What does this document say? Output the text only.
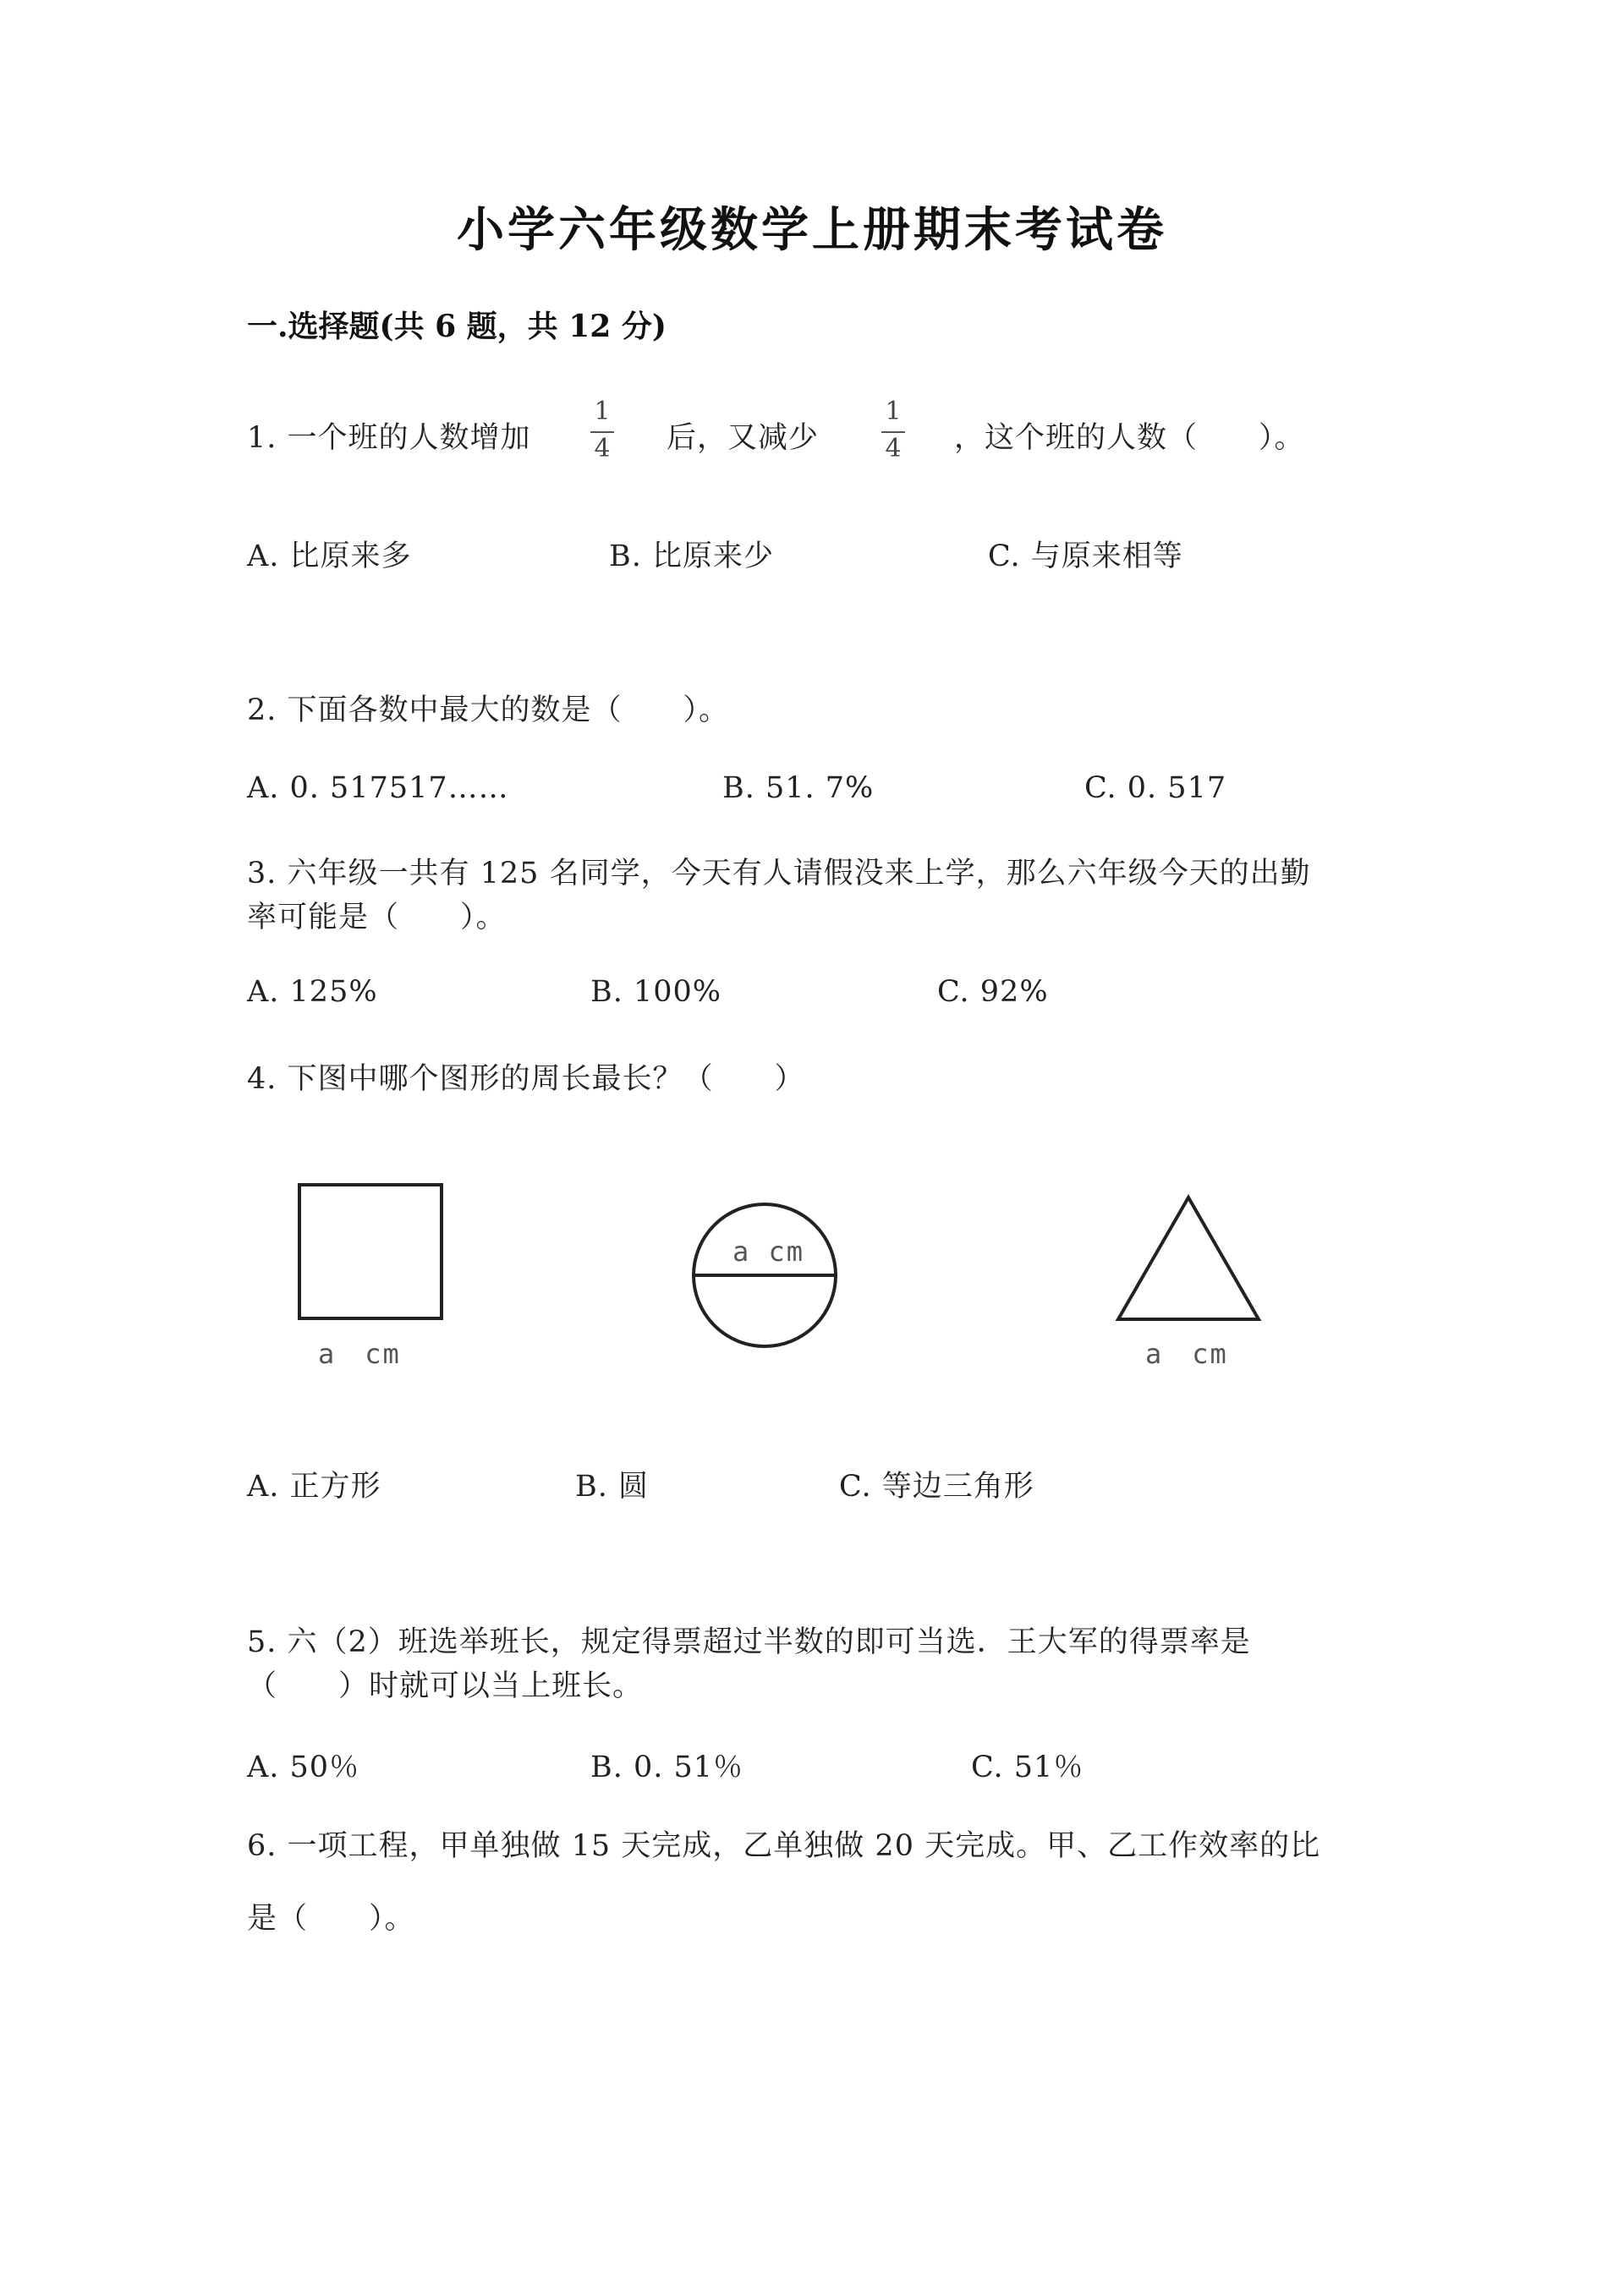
小学六年级数学上册期末考试卷
一.选择题(共 6 题，共 12 分)
1. 一个班的人数增加
1
4 后，又减少
1
4 ，这个班的人数（　　）。
A. 比原来多	B. 比原来少	C. 与原来相等
2. 下面各数中最大的数是（　　）。
A. 0. 517517……	B. 51. 7%	C. 0. 517
3. 六年级一共有 125 名同学，今天有人请假没来上学，那么六年级今天的出勤
率可能是（　　）。
A. 125%	B. 100%	C. 92%
4. 下图中哪个图形的周长最长？（　　）
a　cm
a cm
a　cm
A. 正方形	B. 圆	C. 等边三角形
5. 六（2）班选举班长，规定得票超过半数的即可当选．王大军的得票率是
（　　）时就可以当上班长。
A. 50％	B. 0. 51％	C. 51％
6. 一项工程，甲单独做 15 天完成，乙单独做 20 天完成。甲、乙工作效率的比
是（　　）。
